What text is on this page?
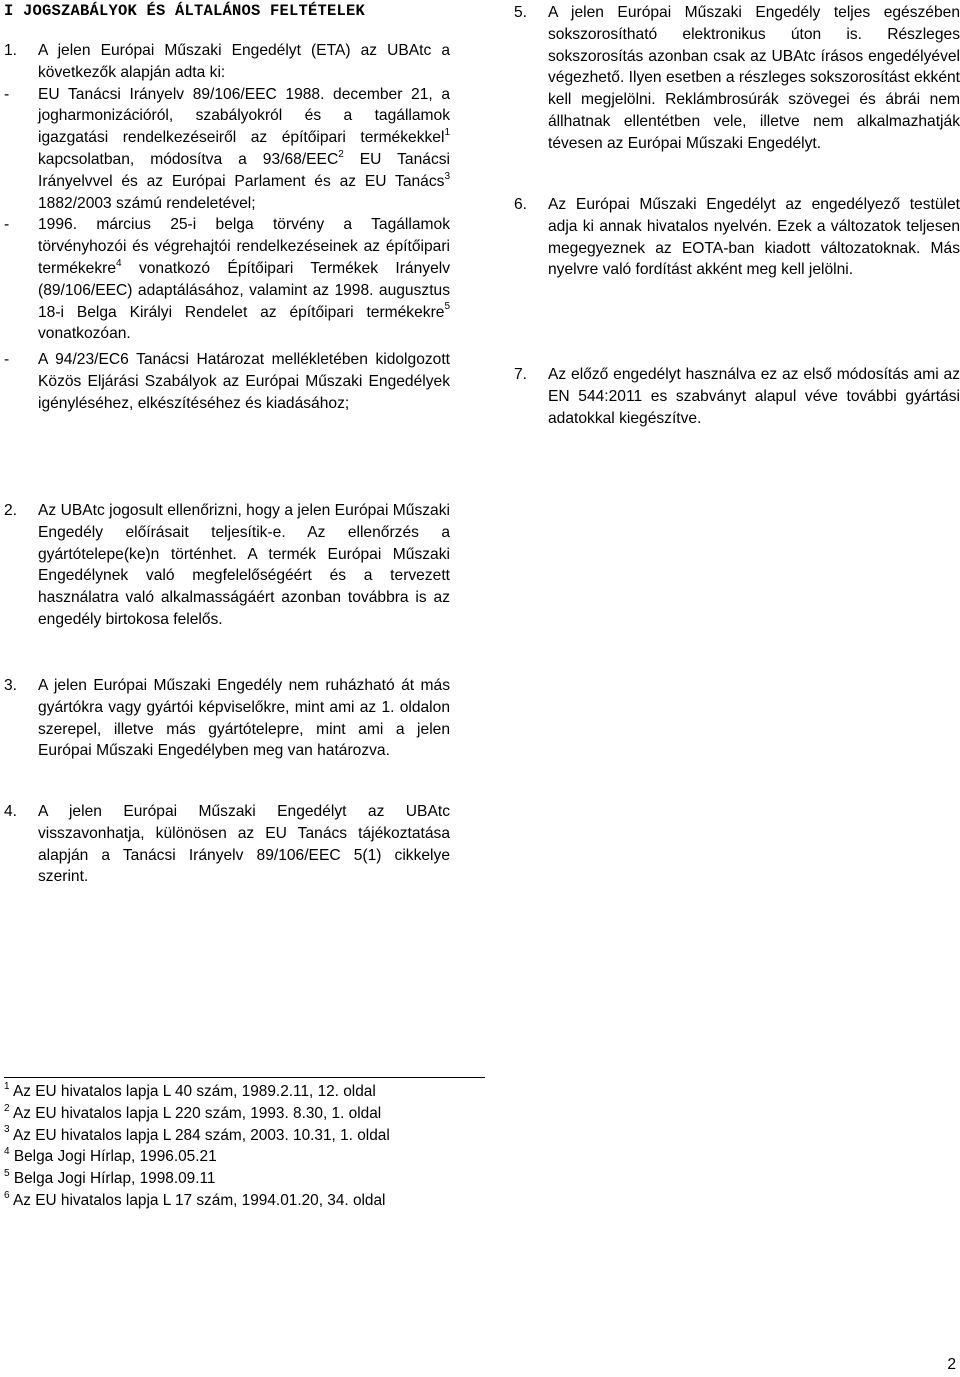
I JOGSZABÁLYOK ÉS ÁLTALÁNOS FELTÉTELEK
1.	A jelen Európai Műszaki Engedélyt (ETA) az UBAtc a következők alapján adta ki:
-	EU Tanácsi Irányelv 89/106/EEC 1988. december 21, a jogharmonizációról, szabályokról és a tagállamok igazgatási rendelkezéseiről az építőipari termékekkel$^1$ kapcsolatban, módosítva a 93/68/EEC$^2$ EU Tanácsi Irányelvvel és az Európai Parlament és az EU Tanács$^3$ 1882/2003 számú rendeletével;
-	1996. március 25-i belga törvény a Tagállamok törvényhozói és végrehajtói rendelkezéseinek az építőipari termékekre$^4$ vonatkozó Építőipari Termékek Irányelv (89/106/EEC) adaptálásához, valamint az 1998. augusztus 18-i Belga Királyi Rendelet az építőipari termékekre$^5$ vonatkozóan.
-	A 94/23/EC6 Tanácsi Határozat mellékletében kidolgozott Közös Eljárási Szabályok az Európai Műszaki Engedélyek igényléséhez, elkészítéséhez és kiadásához;
2.	Az UBAtc jogosult ellenőrizni, hogy a jelen Európai Műszaki Engedély előírásait teljesítik-e. Az ellenőrzés a gyártótelepe(ke)n történhet. A termék Európai Műszaki Engedélynek való megfelelőségéért és a tervezett használatra való alkalmasságáért azonban továbbra is az engedély birtokosa felelős.
3.	A jelen Európai Műszaki Engedély nem ruházható át más gyártókra vagy gyártói képviselőkre, mint ami az 1. oldalon szerepel, illetve más gyártótelepre, mint ami a jelen Európai Műszaki Engedélyben meg van határozva.
4.	A jelen Európai Műszaki Engedélyt az UBAtc visszavonhatja, különösen az EU Tanács tájékoztatása alapján a Tanácsi Irányelv 89/106/EEC 5(1) cikkelye szerint.
5.	A jelen Európai Műszaki Engedély teljes egészében sokszorosítható elektronikus úton is. Részleges sokszorosítás azonban csak az UBAtc írásos engedélyével végezhető. Ilyen esetben a részleges sokszorosítást ekként kell megjelölni. Reklámbrosúrák szövegei és ábrái nem állhatnak ellentétben vele, illetve nem alkalmazhatják tévesen az Európai Műszaki Engedélyt.
6.	Az Európai Műszaki Engedélyt az engedélyező testület adja ki annak hivatalos nyelvén. Ezek a változatok teljesen megegyeznek az EOTA-ban kiadott változatoknak. Más nyelvre való fordítást akként meg kell jelölni.
7.	Az előző engedélyt használva ez az első módosítás ami az EN 544:2011 es szabványt alapul véve további gyártási adatokkal kiegészítve.
$^1$ Az EU hivatalos lapja L 40 szám, 1989.2.11, 12. oldal
$^2$ Az EU hivatalos lapja L 220 szám, 1993. 8.30, 1. oldal
$^3$ Az EU hivatalos lapja L 284 szám, 2003. 10.31, 1. oldal
$^4$ Belga Jogi Hírlap, 1996.05.21
$^5$ Belga Jogi Hírlap, 1998.09.11
$^6$ Az EU hivatalos lapja L 17 szám, 1994.01.20, 34. oldal
2
